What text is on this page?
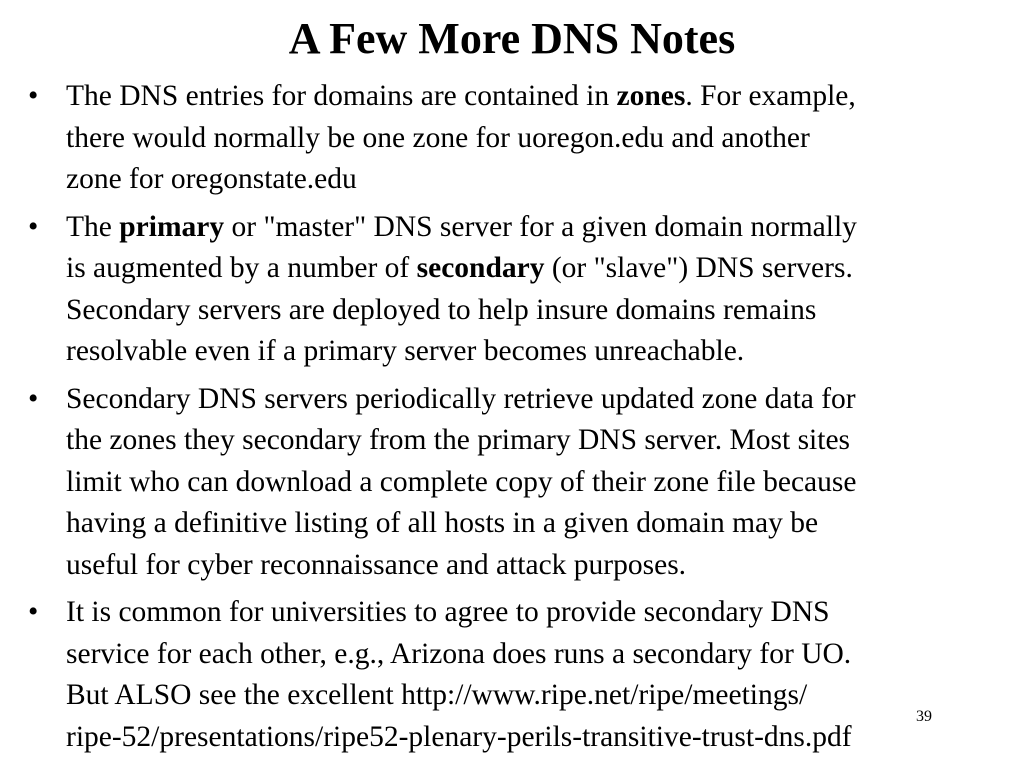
A Few More DNS Notes
• The DNS entries for domains are contained in zones. For example,
there would normally be one zone for uoregon.edu and another
zone for oregonstate.edu
• The primary or "master" DNS server for a given domain normally
is augmented by a number of secondary (or "slave") DNS servers.
Secondary servers are deployed to help insure domains remains
resolvable even if a primary server becomes unreachable.
• Secondary DNS servers periodically retrieve updated zone data for
the zones they secondary from the primary DNS server. Most sites
limit who can download a complete copy of their zone file because
having a definitive listing of all hosts in a given domain may be
useful for cyber reconnaissance and attack purposes.
• It is common for universities to agree to provide secondary DNS
service for each other, e.g., Arizona does runs a secondary for UO.
But ALSO see the excellent http://www.ripe.net/ripe/meetings/
ripe-52/presentations/ripe52-plenary-perils-transitive-trust-dns.pdf
39
